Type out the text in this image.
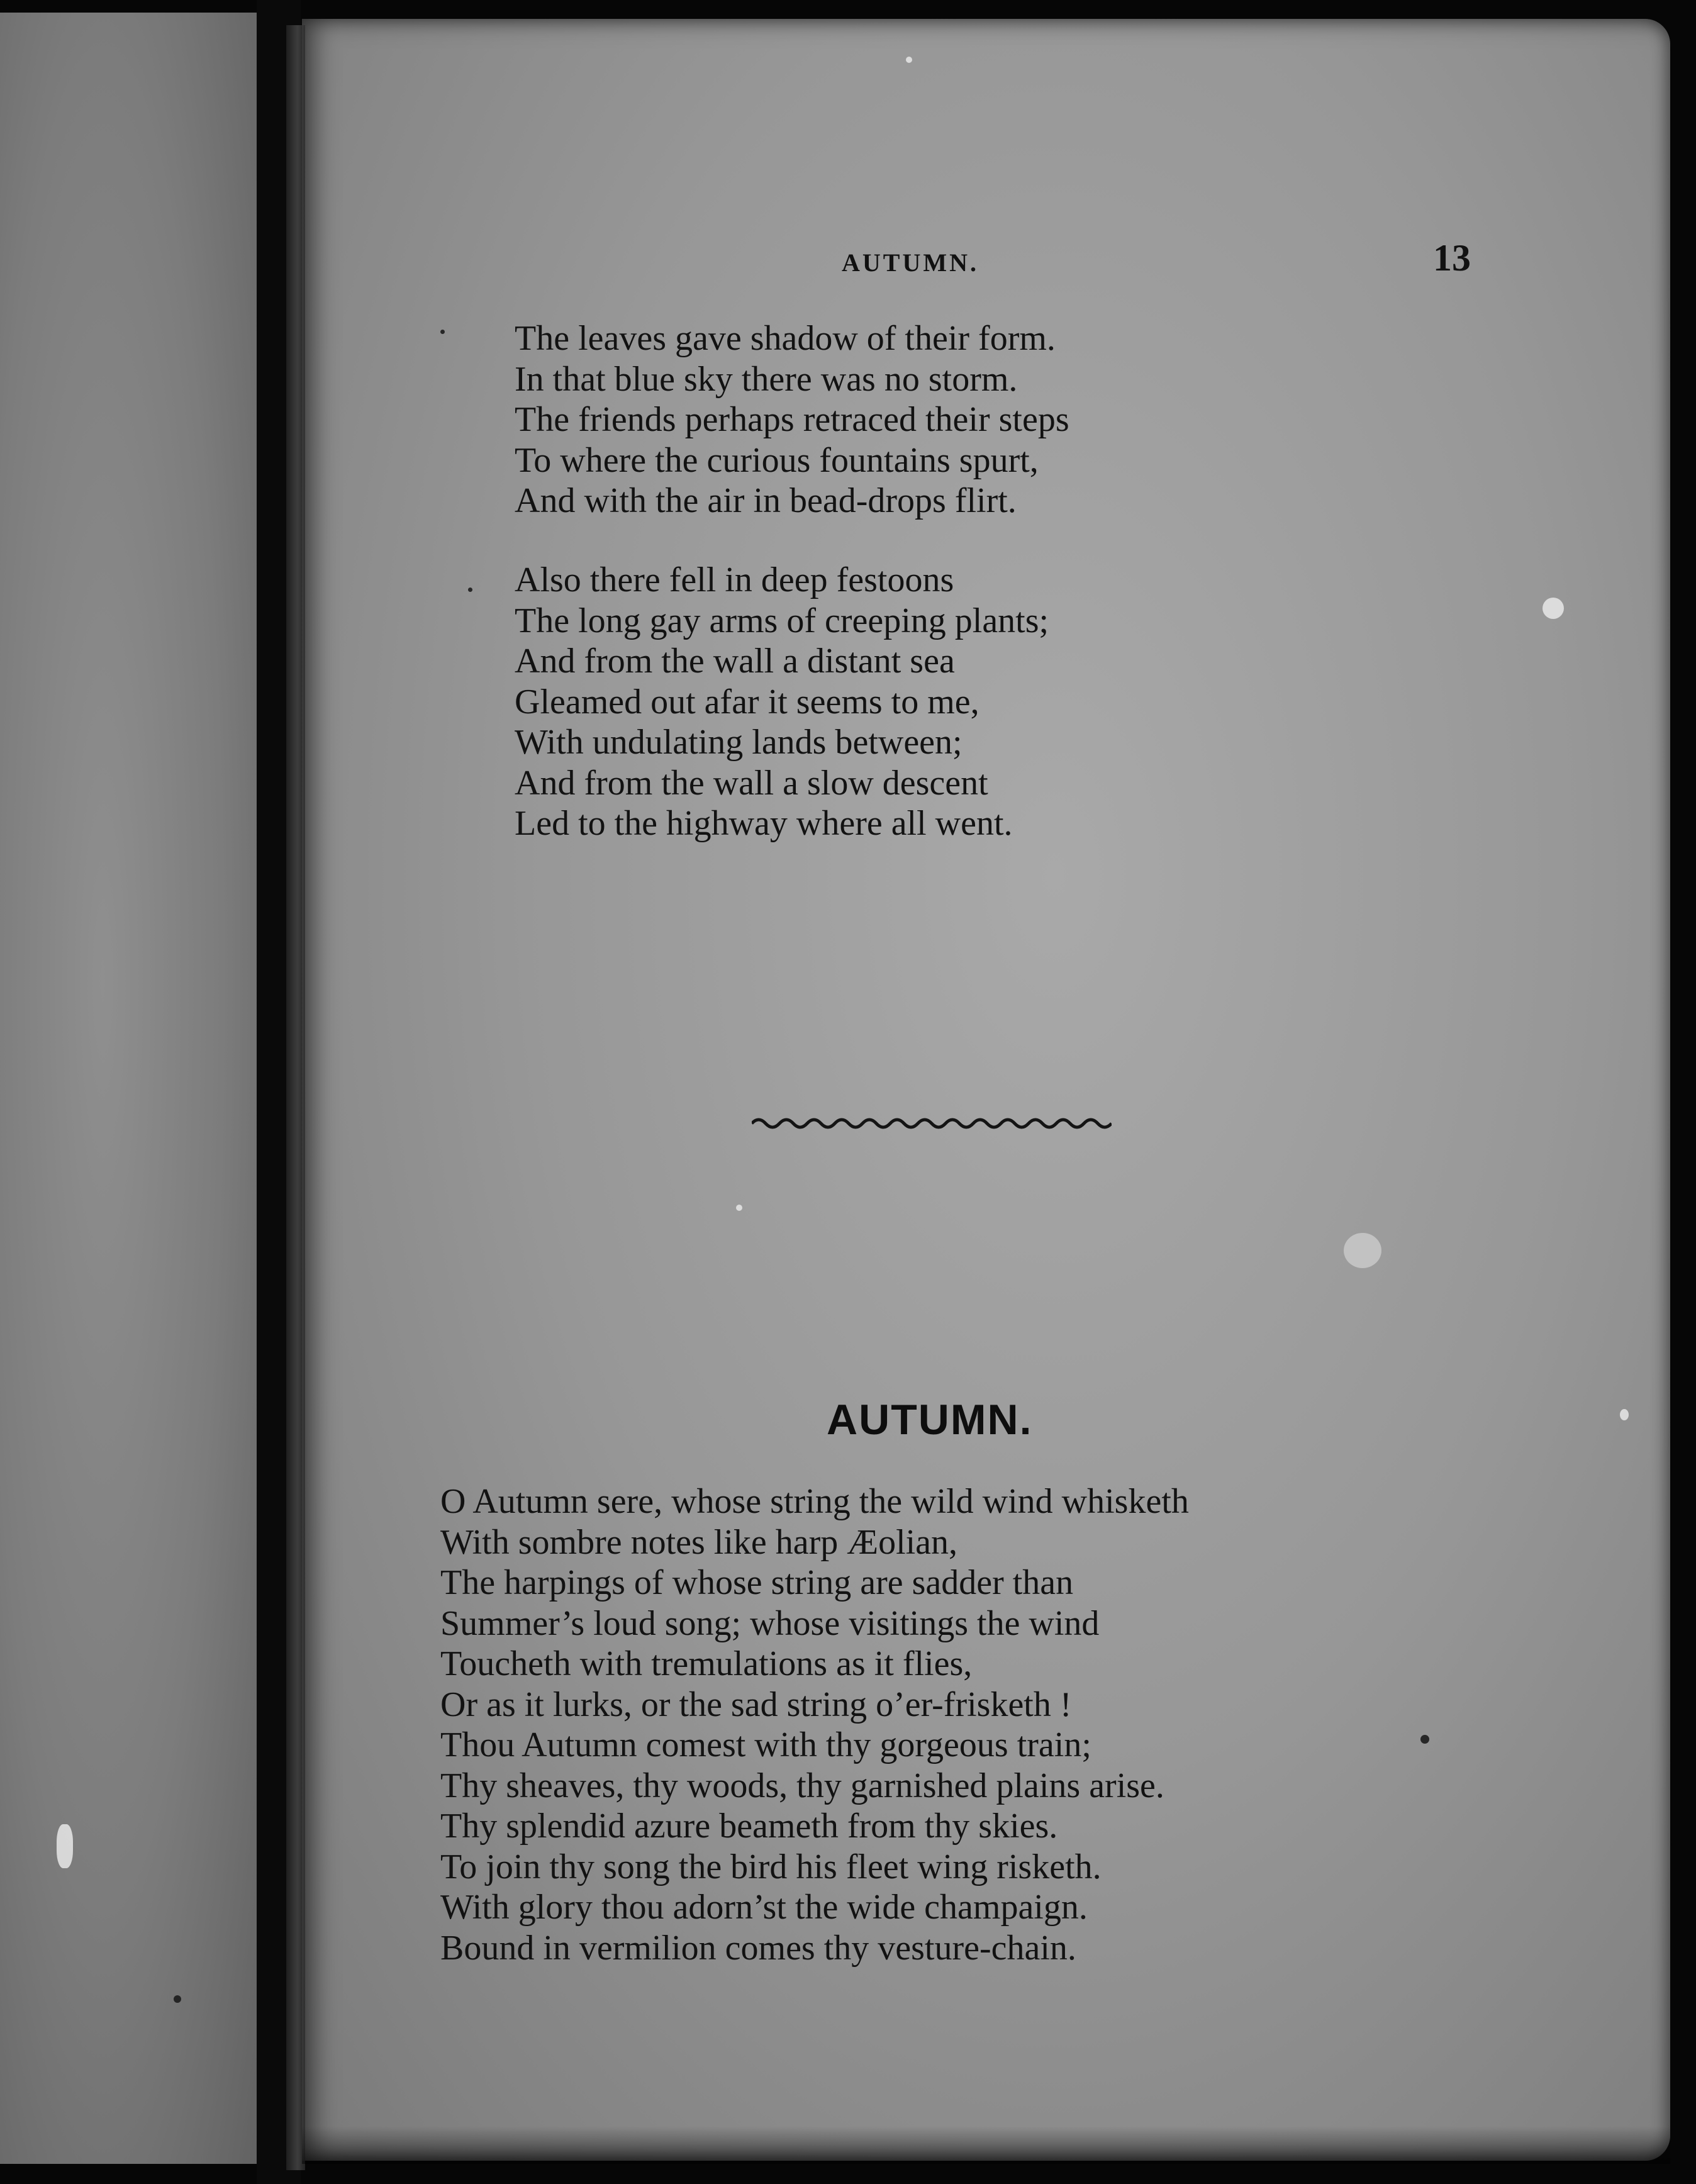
AUTUMN.	13
The leaves gave shadow of their form.
In that blue sky there was no storm.
The friends perhaps retraced their steps
To where the curious fountains spurt,
And with the air in bead-drops flirt.
Also there fell in deep festoons
The long gay arms of creeping plants;
And from the wall a distant sea
Gleamed out afar it seems to me,
With undulating lands between;
And from the wall a slow descent
Led to the highway where all went.
AUTUMN.
O Autumn sere, whose string the wild wind whisketh
With sombre notes like harp Æolian,
The harpings of whose string are sadder than
Summer’s loud song; whose visitings the wind
Toucheth with tremulations as it flies,
Or as it lurks, or the sad string o’er-frisketh !
Thou Autumn comest with thy gorgeous train;
Thy sheaves, thy woods, thy garnished plains arise.
Thy splendid azure beameth from thy skies.
To join thy song the bird his fleet wing risketh.
With glory thou adorn’st the wide champaign.
Bound in vermilion comes thy vesture-chain.
